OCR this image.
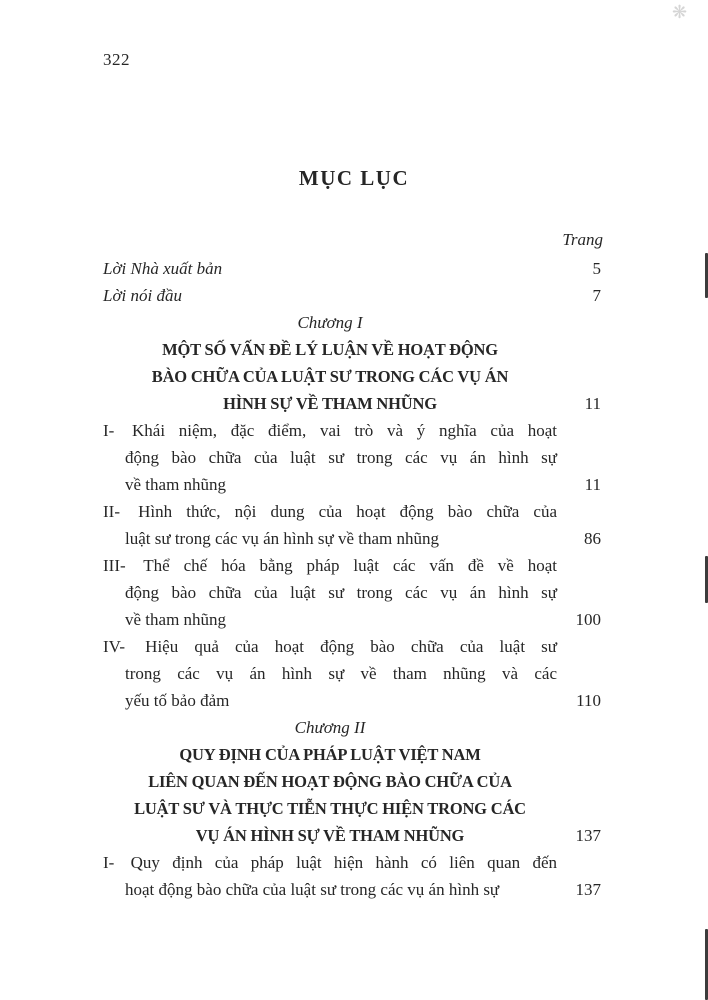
322
❋
MỤC LỤC
Trang
Lời Nhà xuất bản	5
Lời nói đầu	7
Chương I
MỘT SỐ VẤN ĐỀ LÝ LUẬN VỀ HOẠT ĐỘNG
BÀO CHỮA CỦA LUẬT SƯ TRONG CÁC VỤ ÁN
HÌNH SỰ VỀ THAM NHŨNG	11
I- Khái niệm, đặc điểm, vai trò và ý nghĩa của hoạt
động bào chữa của luật sư trong các vụ án hình sự
về tham nhũng	11
II- Hình thức, nội dung của hoạt động bào chữa của
luật sư trong các vụ án hình sự về tham nhũng	86
III- Thể chế hóa bằng pháp luật các vấn đề về hoạt
động bào chữa của luật sư trong các vụ án hình sự
về tham nhũng	100
IV- Hiệu quả của hoạt động bào chữa của luật sư
trong các vụ án hình sự về tham nhũng và các
yếu tố bảo đảm	110
Chương II
QUY ĐỊNH CỦA PHÁP LUẬT VIỆT NAM
LIÊN QUAN ĐẾN HOẠT ĐỘNG BÀO CHỮA CỦA
LUẬT SƯ VÀ THỰC TIỄN THỰC HIỆN TRONG CÁC
VỤ ÁN HÌNH SỰ VỀ THAM NHŨNG	137
I- Quy định của pháp luật hiện hành có liên quan đến
hoạt động bào chữa của luật sư trong các vụ án hình sự	137
